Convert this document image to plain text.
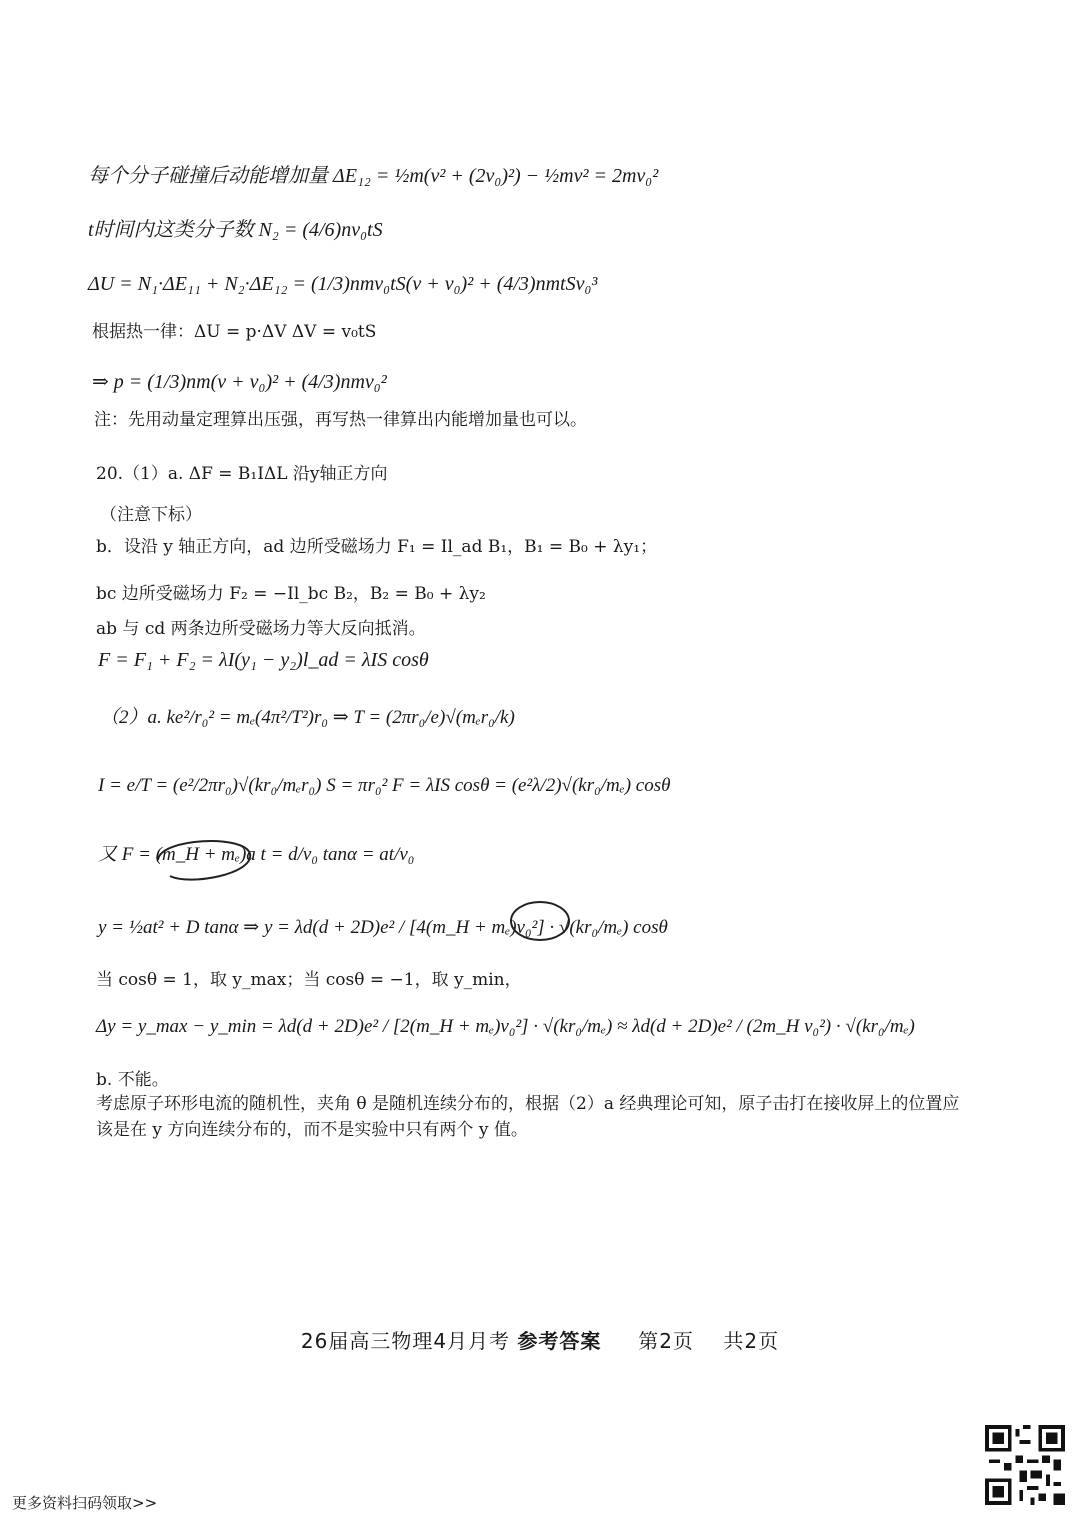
每个分子碰撞后动能增加量 ΔE₁₂ = ½m(v² + (2v₀)²) − ½mv² = 2mv₀²
t时间内这类分子数 N₂ = (4/6)nv₀tS
ΔU = N₁·ΔE₁₁ + N₂·ΔE₁₂ = (1/3)nmv₀tS(v + v₀)² + (4/3)nmtSv₀³
根据热一律：ΔU = p·ΔV ΔV = v₀tS
⇒ p = (1/3)nm(v + v₀)² + (4/3)nmv₀²
注：先用动量定理算出压强，再写热一律算出内能增加量也可以。
20.（1）a. ΔF = B₁IΔL 沿y轴正方向
（注意下标）
b．设沿 y 轴正方向，ad 边所受磁场力 F₁ = Il_ad B₁，B₁ = B₀ + λy₁；
bc 边所受磁场力 F₂ = −Il_bc B₂，B₂ = B₀ + λy₂
ab 与 cd 两条边所受磁场力等大反向抵消。
F = F₁ + F₂ = λI(y₁ − y₂)l_ad = λIS cosθ
（2）a. ke²/r₀² = mₑ(4π²/T²)r₀ ⇒ T = (2πr₀/e)√(mₑr₀/k)
I = e/T = (e²/2πr₀)√(kr₀/mₑr₀) S = πr₀² F = λIS cosθ = (e²λ/2)√(kr₀/mₑ) cosθ
又 F = (m_H + mₑ)a t = d/v₀ tanα = at/v₀
y = ½at² + D tanα ⇒ y = λd(d + 2D)e² / [4(m_H + mₑ)v₀²] · √(kr₀/mₑ) cosθ
当 cosθ = 1，取 y_max；当 cosθ = −1，取 y_min，
Δy = y_max − y_min = λd(d + 2D)e² / [2(m_H + mₑ)v₀²] · √(kr₀/mₑ) ≈ λd(d + 2D)e² / (2m_H v₀²) · √(kr₀/mₑ)
b. 不能。
考虑原子环形电流的随机性，夹角 θ 是随机连续分布的，根据（2）a 经典理论可知，原子击打在接收屏上的位置应
该是在 y 方向连续分布的，而不是实验中只有两个 y 值。
26届高三物理4月月考 参考答案 第2页 共2页
更多资料扫码领取>>
